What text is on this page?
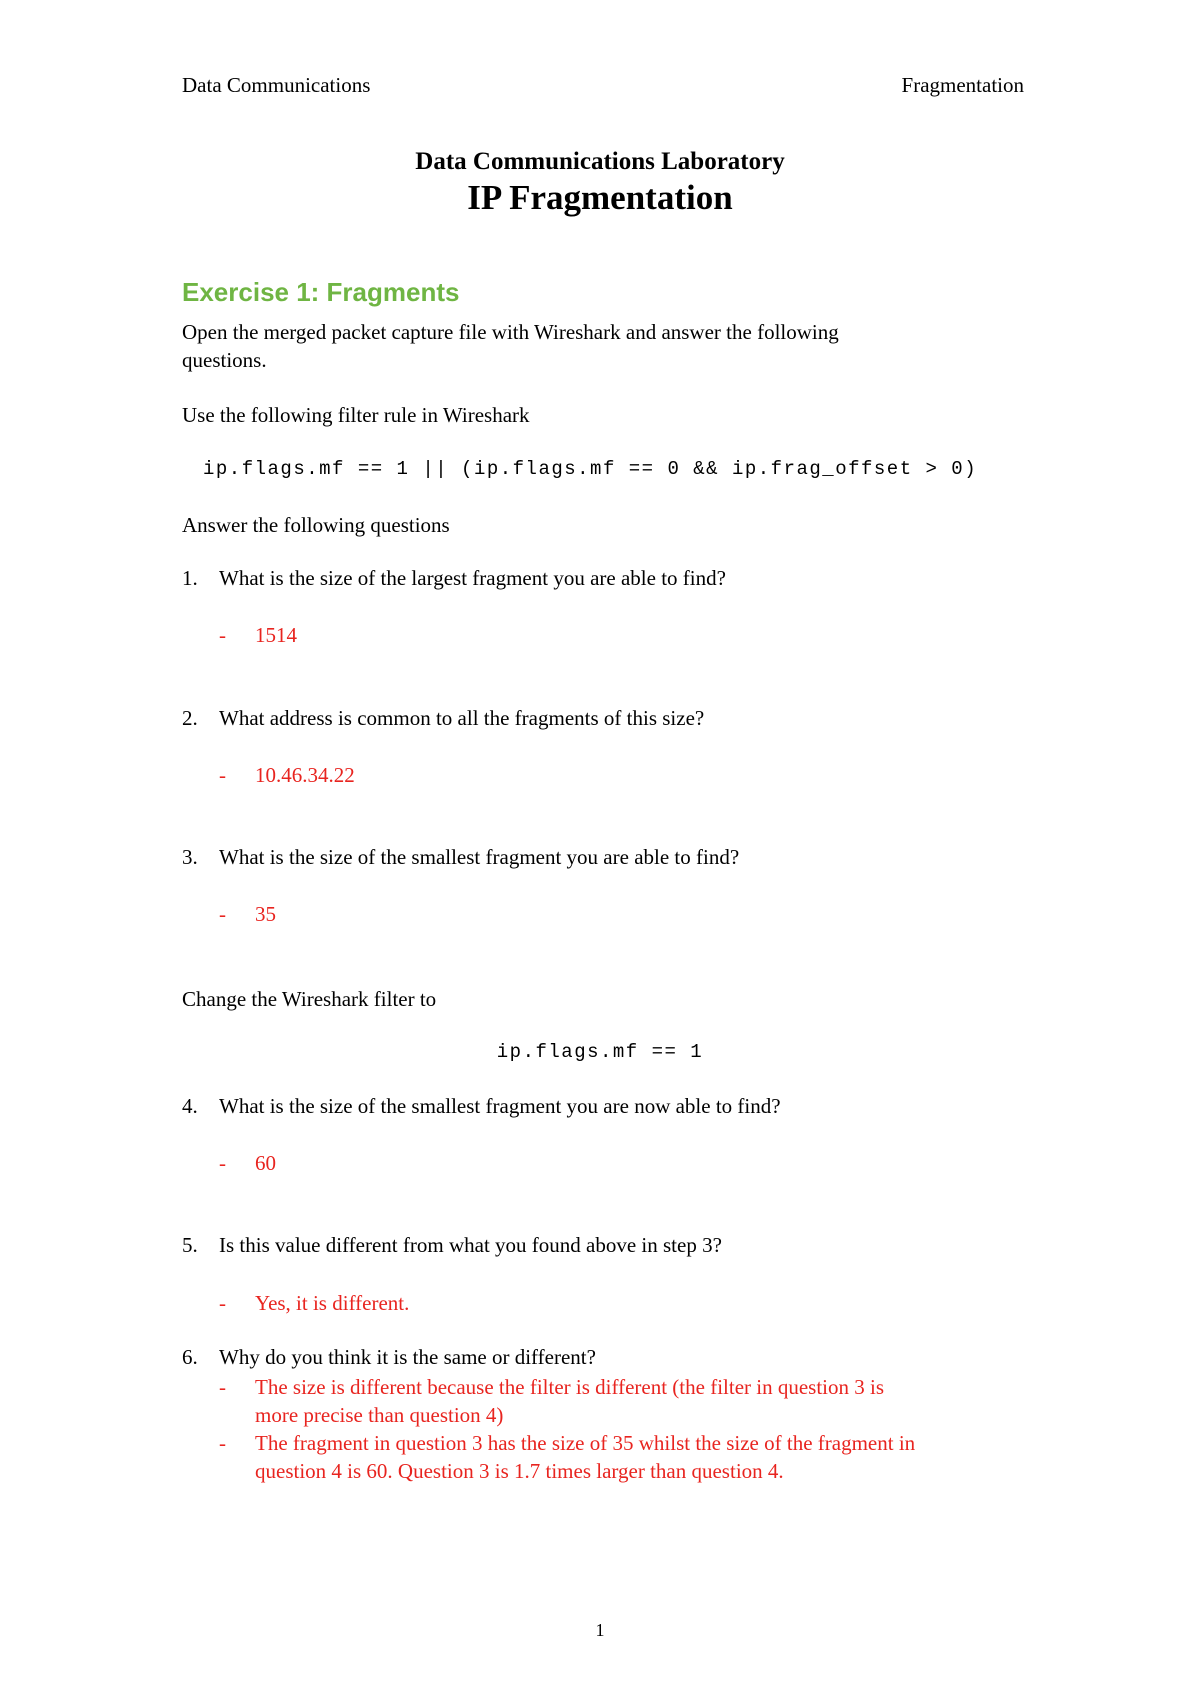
Data Communications	Fragmentation
Data Communications Laboratory
IP Fragmentation
Exercise 1: Fragments
Open the merged packet capture file with Wireshark and answer the following
questions.
Use the following filter rule in Wireshark
ip.flags.mf == 1 || (ip.flags.mf == 0 && ip.frag_offset > 0)
Answer the following questions
1. What is the size of the largest fragment you are able to find?
- 1514
2. What address is common to all the fragments of this size?
- 10.46.34.22
3. What is the size of the smallest fragment you are able to find?
- 35
Change the Wireshark filter to
ip.flags.mf == 1
4. What is the size of the smallest fragment you are now able to find?
- 60
5. Is this value different from what you found above in step 3?
- Yes, it is different.
6. Why do you think it is the same or different?
- The size is different because the filter is different (the filter in question 3 is
more precise than question 4)
- The fragment in question 3 has the size of 35 whilst the size of the fragment in
question 4 is 60. Question 3 is 1.7 times larger than question 4.
1
